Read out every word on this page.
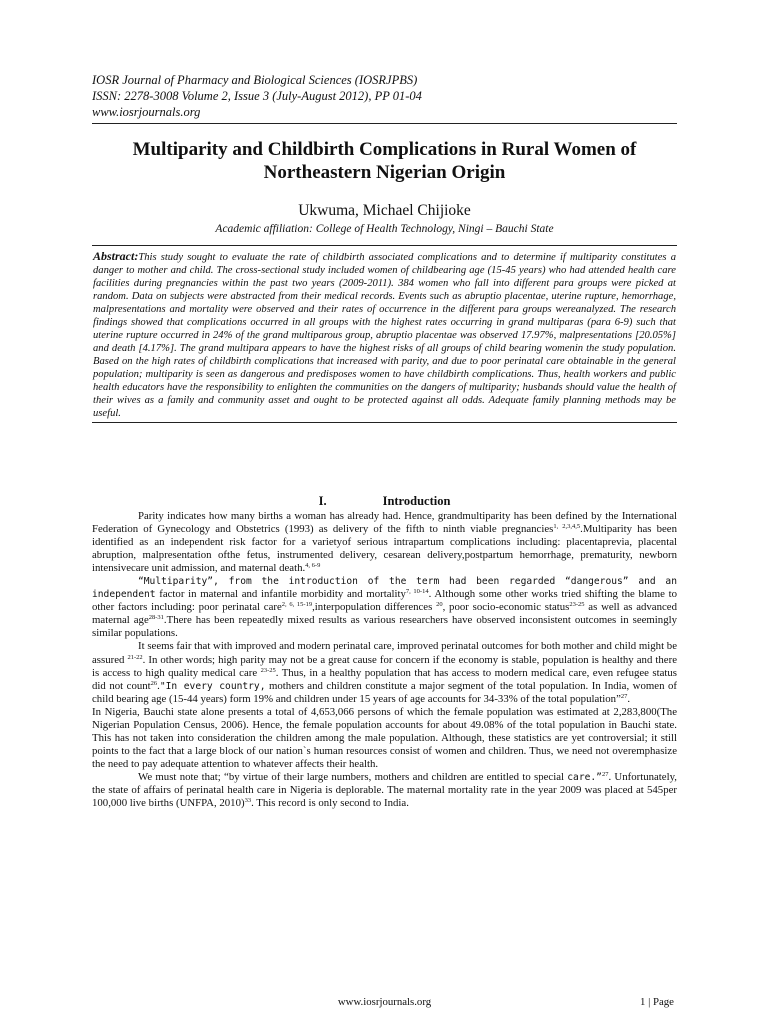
IOSR Journal of Pharmacy and Biological Sciences (IOSRJPBS)
ISSN: 2278-3008 Volume 2, Issue 3 (July-August 2012), PP 01-04
www.iosrjournals.org
Multiparity and Childbirth Complications in Rural Women of
Northeastern Nigerian Origin
Ukwuma, Michael Chijioke
Academic affiliation: College of Health Technology, Ningi – Bauchi State
Abstract:This study sought to evaluate the rate of childbirth associated complications and to determine if multiparity constitutes a danger to mother and child. The cross-sectional study included women of childbearing age (15-45 years) who had attended health care facilities during pregnancies within the past two years (2009-2011). 384 women who fall into different para groups were picked at random. Data on subjects were abstracted from their medical records. Events such as abruptio placentae, uterine rupture, hemorrhage, malpresentations and mortality were observed and their rates of occurrence in the different para groups wereanalyzed. The research findings showed that complications occurred in all groups with the highest rates occurring in grand multiparas (para 6-9) such that uterine rupture occurred in 24% of the grand multiparous group, abruptio placentae was observed 17.97%, malpresentations [20.05%] and death [4.17%]. The grand multipara appears to have the highest risks of all groups of child bearing womenin the study population. Based on the high rates of childbirth complications that increased with parity, and due to poor perinatal care obtainable in the general population; multiparity is seen as dangerous and predisposes women to have childbirth complications. Thus, health workers and public health educators have the responsibility to enlighten the communities on the dangers of multiparity; husbands should value the health of their wives as a family and community asset and ought to be protected against all odds. Adequate family planning methods may be useful.
I.	Introduction

Parity indicates how many births a woman has already had. Hence, grandmultiparity has been defined by the International Federation of Gynecology and Obstetrics (1993) as delivery of the fifth to ninth viable pregnancies$^{1, 2,3,4,5}$.Multiparity has been identified as an independent risk factor for a varietyof serious intrapartum complications including: placentaprevia, placental abruption, malpresentation ofthe fetus, instrumented delivery, cesarean delivery,postpartum hemorrhage, prematurity, newborn intensivecare unit admission, and maternal death.$^{4, 6-9}$

“Multiparity”, from the introduction of the term had been regarded “dangerous” and an independent factor in maternal and infantile morbidity and mortality$^{7, 10-14}$. Although some other works tried shifting the blame to other factors including: poor perinatal care$^{2, 6, 15-19}$,interpopulation differences $^{20}$, poor socio-economic status$^{23-25}$ as well as advanced maternal age$^{28-31}$.There has been repeatedly mixed results as various researchers have observed inconsistent outcomes in seemingly similar populations.

It seems fair that with improved and modern perinatal care, improved perinatal outcomes for both mother and child might be assured $^{21-22}$. In other words; high parity may not be a great cause for concern if the economy is stable, population is healthy and there is access to high quality medical care $^{23-25}$. Thus, in a healthy population that has access to modern medical care, even refugee status did not count$^{26}$."In every country, mothers and children constitute a major segment of the total population. In India, women of child bearing age (15-44 years) form 19% and children under 15 years of age accounts for 34-33% of the total population”$^{27}$.

In Nigeria, Bauchi state alone presents a total of 4,653,066 persons of which the female population was estimated at 2,283,800(The Nigerian Population Census, 2006). Hence, the female population accounts for about 49.08% of the total population in Bauchi state. This has not taken into consideration the children among the male population. Although, these statistics are yet controversial; it still points to the fact that a large block of our nation`s human resources consist of women and children. Thus, we need not overemphasize the need to pay adequate attention to whatever affects their health.

We must note that; “by virtue of their large numbers, mothers and children are entitled to special care.”$^{27}$. Unfortunately, the state of affairs of perinatal health care in Nigeria is deplorable. The maternal mortality rate in the year 2009 was placed at 545per 100,000 live births (UNFPA, 2010)$^{33}$. This record is only second to India.

www.iosrjournals.org	1 | Page
